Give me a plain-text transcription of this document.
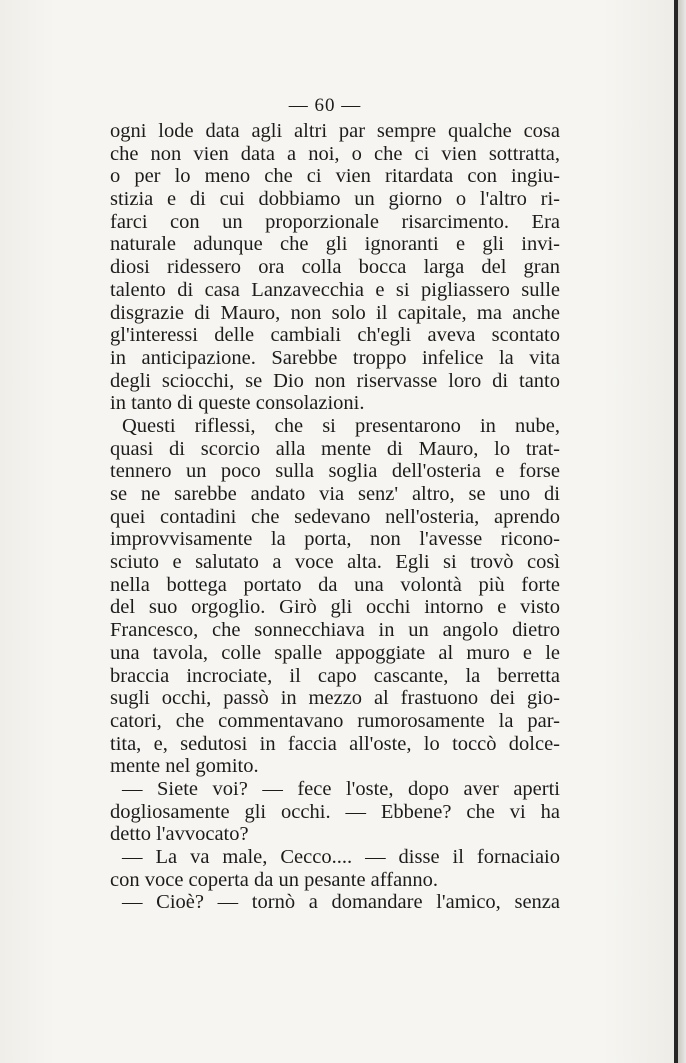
— 60 —
ogni lode data agli altri par sempre qualche cosa
che non vien data a noi, o che ci vien sottratta,
o per lo meno che ci vien ritardata con ingiu-
stizia e di cui dobbiamo un giorno o l'altro ri-
farci con un proporzionale risarcimento. Era
naturale adunque che gli ignoranti e gli invi-
diosi ridessero ora colla bocca larga del gran
talento di casa Lanzavecchia e si pigliassero sulle
disgrazie di Mauro, non solo il capitale, ma anche
gl'interessi delle cambiali ch'egli aveva scontato
in anticipazione. Sarebbe troppo infelice la vita
degli sciocchi, se Dio non riservasse loro di tanto
in tanto di queste consolazioni.
Questi riflessi, che si presentarono in nube,
quasi di scorcio alla mente di Mauro, lo trat-
tennero un poco sulla soglia dell'osteria e forse
se ne sarebbe andato via senz' altro, se uno di
quei contadini che sedevano nell'osteria, aprendo
improvvisamente la porta, non l'avesse ricono-
sciuto e salutato a voce alta. Egli si trovò così
nella bottega portato da una volontà più forte
del suo orgoglio. Girò gli occhi intorno e visto
Francesco, che sonnecchiava in un angolo dietro
una tavola, colle spalle appoggiate al muro e le
braccia incrociate, il capo cascante, la berretta
sugli occhi, passò in mezzo al frastuono dei gio-
catori, che commentavano rumorosamente la par-
tita, e, sedutosi in faccia all'oste, lo toccò dolce-
mente nel gomito.
— Siete voi? — fece l'oste, dopo aver aperti
dogliosamente gli occhi. — Ebbene? che vi ha
detto l'avvocato?
— La va male, Cecco.... — disse il fornaciaio
con voce coperta da un pesante affanno.
— Cioè? — tornò a domandare l'amico, senza
